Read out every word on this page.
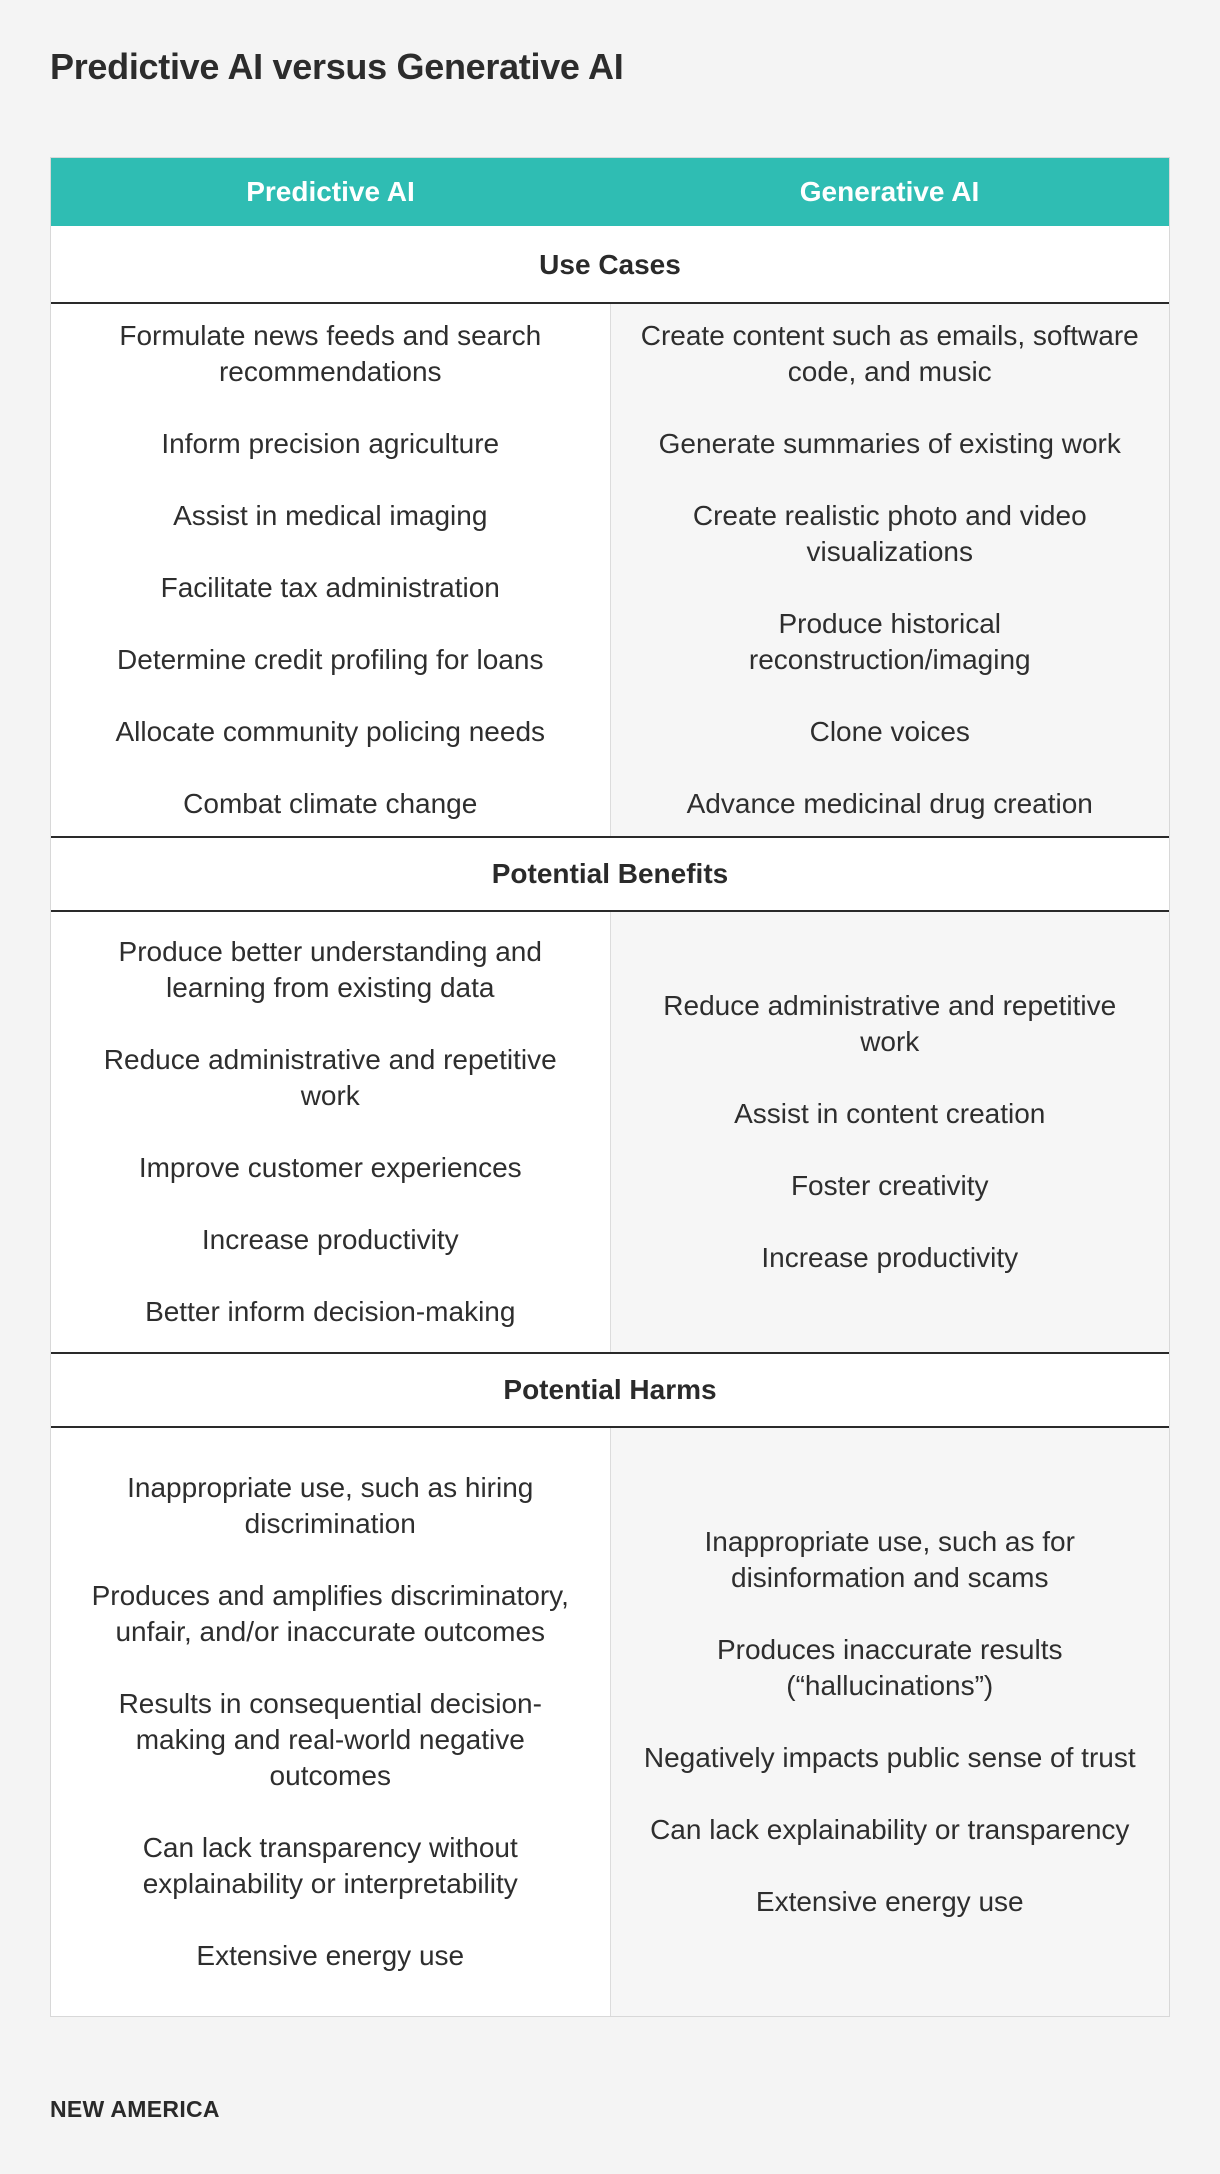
Predictive AI versus Generative AI
Predictive AI	Generative AI
Use Cases

Formulate news feeds and search recommendations

Inform precision agriculture

Assist in medical imaging

Facilitate tax administration

Determine credit profiling for loans

Allocate community policing needs

Combat climate change

Create content such as emails, software code, and music

Generate summaries of existing work

Create realistic photo and video visualizations

Produce historical reconstruction/imaging

Clone voices

Advance medicinal drug creation

Potential Benefits

Produce better understanding and learning from existing data

Reduce administrative and repetitive work

Improve customer experiences

Increase productivity

Better inform decision-making

Reduce administrative and repetitive work

Assist in content creation

Foster creativity

Increase productivity

Potential Harms

Inappropriate use, such as hiring discrimination

Produces and amplifies discriminatory, unfair, and/or inaccurate outcomes

Results in consequential decision-making and real-world negative outcomes

Can lack transparency without explainability or interpretability

Extensive energy use

Inappropriate use, such as for disinformation and scams

Produces inaccurate results (“hallucinations”)

Negatively impacts public sense of trust

Can lack explainability or transparency

Extensive energy use

NEW AMERICA
